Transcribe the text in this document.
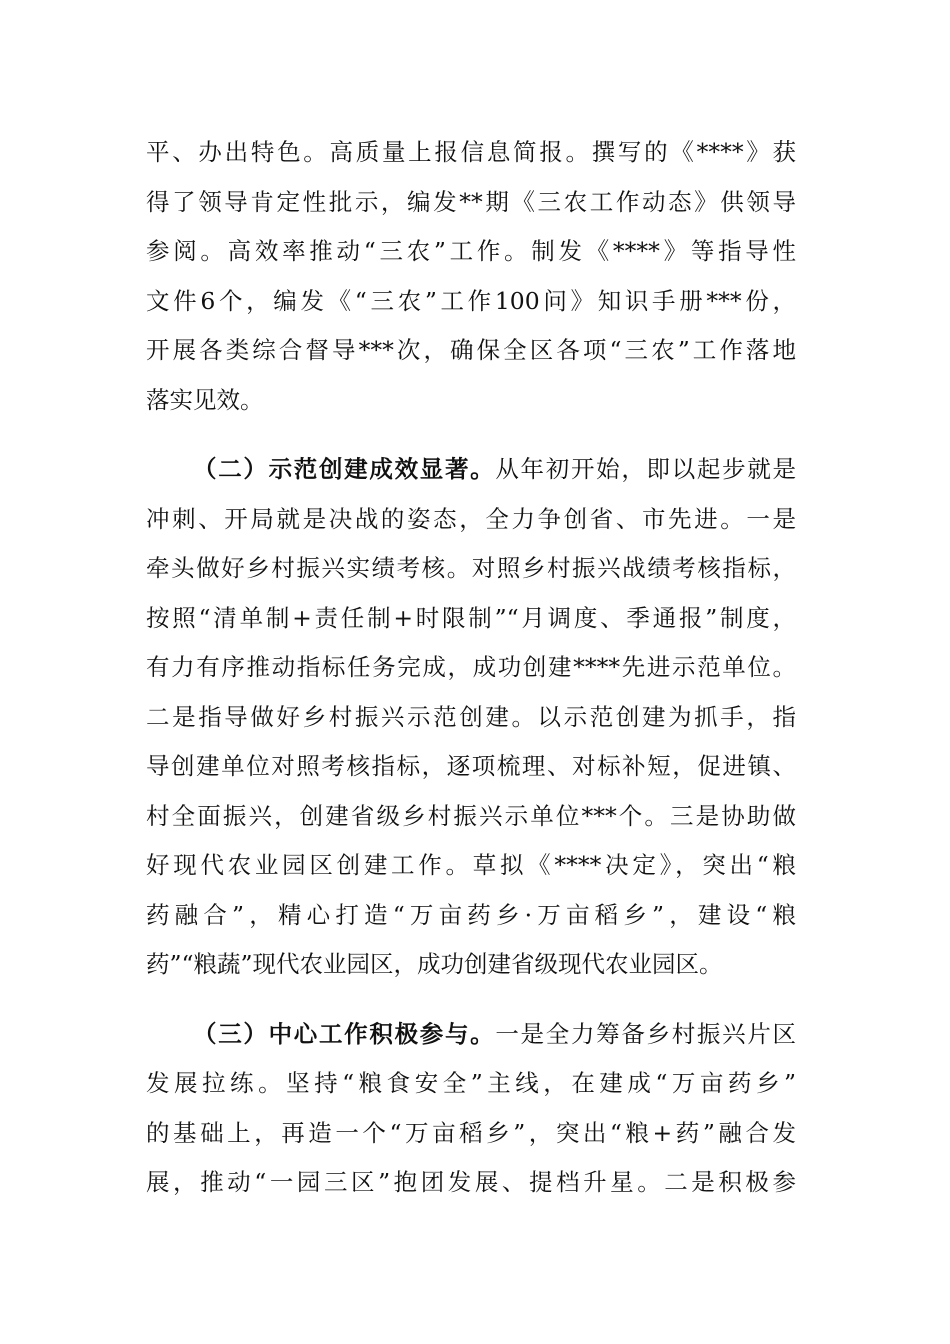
平、办出特色。高质量上报信息简报。撰写的《****》获
得了领导肯定性批示，编发**期《三农工作动态》供领导
参阅。高效率推动“三农”工作。制发《****》等指导性
文件6个，编发《“三农”工作100问》知识手册***份，
开展各类综合督导***次，确保全区各项“三农”工作落地
落实见效。

（二）示范创建成效显著。从年初开始，即以起步就是
冲刺、开局就是决战的姿态，全力争创省、市先进。一是
牵头做好乡村振兴实绩考核。对照乡村振兴战绩考核指标，
按照“清单制+责任制+时限制”“月调度、季通报”制度，
有力有序推动指标任务完成，成功创建****先进示范单位。
二是指导做好乡村振兴示范创建。以示范创建为抓手，指
导创建单位对照考核指标，逐项梳理、对标补短，促进镇、
村全面振兴，创建省级乡村振兴示单位***个。三是协助做
好现代农业园区创建工作。草拟《****决定》，突出“粮
药融合”，精心打造“万亩药乡·万亩稻乡”，建设“粮
药”“粮蔬”现代农业园区，成功创建省级现代农业园区。

（三）中心工作积极参与。一是全力筹备乡村振兴片区
发展拉练。坚持“粮食安全”主线，在建成“万亩药乡”
的基础上，再造一个“万亩稻乡”，突出“粮+药”融合发
展，推动“一园三区”抱团发展、提档升星。二是积极参
